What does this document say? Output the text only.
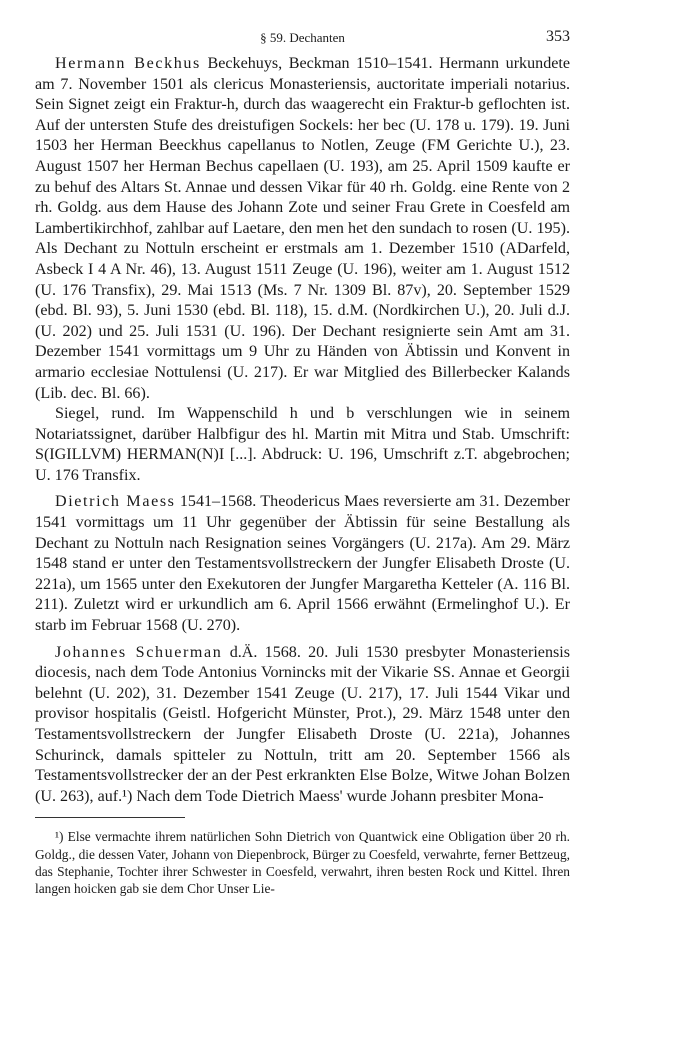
§ 59. Dechanten	353

Hermann Beckhus Beckehuys, Beckman 1510–1541. Hermann urkundete am 7. November 1501 als clericus Monasteriensis, auctoritate imperiali notarius. Sein Signet zeigt ein Fraktur-h, durch das waagerecht ein Fraktur-b geflochten ist. Auf der untersten Stufe des dreistufigen Sockels: her bec (U. 178 u. 179). 19. Juni 1503 her Herman Beeckhus capellanus to Notlen, Zeuge (FM Gerichte U.), 23. August 1507 her Herman Bechus capellaen (U. 193), am 25. April 1509 kaufte er zu behuf des Altars St. Annae und dessen Vikar für 40 rh. Goldg. eine Rente von 2 rh. Goldg. aus dem Hause des Johann Zote und seiner Frau Grete in Coesfeld am Lambertikirchhof, zahlbar auf Laetare, den men het den sundach to rosen (U. 195). Als Dechant zu Nottuln erscheint er erstmals am 1. Dezember 1510 (ADarfeld, Asbeck I 4 A Nr. 46), 13. August 1511 Zeuge (U. 196), weiter am 1. August 1512 (U. 176 Transfix), 29. Mai 1513 (Ms. 7 Nr. 1309 Bl. 87v), 20. September 1529 (ebd. Bl. 93), 5. Juni 1530 (ebd. Bl. 118), 15. d.M. (Nordkirchen U.), 20. Juli d.J. (U. 202) und 25. Juli 1531 (U. 196). Der Dechant resignierte sein Amt am 31. Dezember 1541 vormittags um 9 Uhr zu Händen von Äbtissin und Konvent in armario ecclesiae Nottulensi (U. 217). Er war Mitglied des Billerbecker Kalands (Lib. dec. Bl. 66).

Siegel, rund. Im Wappenschild h und b verschlungen wie in seinem Notariatssignet, darüber Halbfigur des hl. Martin mit Mitra und Stab. Umschrift: S(IGILLVM) HERMAN(N)I [...]. Abdruck: U. 196, Umschrift z.T. abgebrochen; U. 176 Transfix.

Dietrich Maess 1541–1568. Theodericus Maes reversierte am 31. Dezember 1541 vormittags um 11 Uhr gegenüber der Äbtissin für seine Bestallung als Dechant zu Nottuln nach Resignation seines Vorgängers (U. 217a). Am 29. März 1548 stand er unter den Testamentsvollstreckern der Jungfer Elisabeth Droste (U. 221a), um 1565 unter den Exekutoren der Jungfer Margaretha Ketteler (A. 116 Bl. 211). Zuletzt wird er urkundlich am 6. April 1566 erwähnt (Ermelinghof U.). Er starb im Februar 1568 (U. 270).

Johannes Schuerman d.Ä. 1568. 20. Juli 1530 presbyter Monasteriensis diocesis, nach dem Tode Antonius Vornincks mit der Vikarie SS. Annae et Georgii belehnt (U. 202), 31. Dezember 1541 Zeuge (U. 217), 17. Juli 1544 Vikar und provisor hospitalis (Geistl. Hofgericht Münster, Prot.), 29. März 1548 unter den Testamentsvollstreckern der Jungfer Elisabeth Droste (U. 221a), Johannes Schurinck, damals spitteler zu Nottuln, tritt am 20. September 1566 als Testamentsvollstrecker der an der Pest erkrankten Else Bolze, Witwe Johan Bolzen (U. 263), auf.¹) Nach dem Tode Dietrich Maess' wurde Johann presbiter Mona-

¹) Else vermachte ihrem natürlichen Sohn Dietrich von Quantwick eine Obligation über 20 rh. Goldg., die dessen Vater, Johann von Diepenbrock, Bürger zu Coesfeld, verwahrte, ferner Bettzeug, das Stephanie, Tochter ihrer Schwester in Coesfeld, verwahrt, ihren besten Rock und Kittel. Ihren langen hoicken gab sie dem Chor Unser Lie-
